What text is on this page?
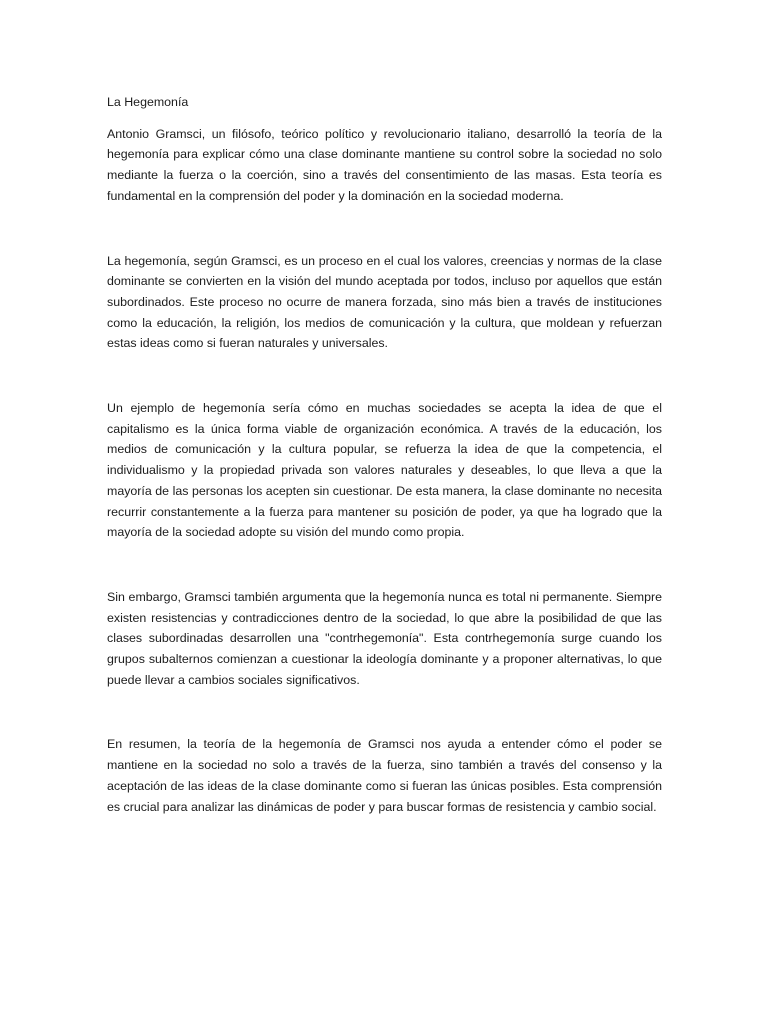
La Hegemonía

Antonio Gramsci, un filósofo, teórico político y revolucionario italiano, desarrolló la teoría de la hegemonía para explicar cómo una clase dominante mantiene su control sobre la sociedad no solo mediante la fuerza o la coerción, sino a través del consentimiento de las masas. Esta teoría es fundamental en la comprensión del poder y la dominación en la sociedad moderna.

La hegemonía, según Gramsci, es un proceso en el cual los valores, creencias y normas de la clase dominante se convierten en la visión del mundo aceptada por todos, incluso por aquellos que están subordinados. Este proceso no ocurre de manera forzada, sino más bien a través de instituciones como la educación, la religión, los medios de comunicación y la cultura, que moldean y refuerzan estas ideas como si fueran naturales y universales.

Un ejemplo de hegemonía sería cómo en muchas sociedades se acepta la idea de que el capitalismo es la única forma viable de organización económica. A través de la educación, los medios de comunicación y la cultura popular, se refuerza la idea de que la competencia, el individualismo y la propiedad privada son valores naturales y deseables, lo que lleva a que la mayoría de las personas los acepten sin cuestionar. De esta manera, la clase dominante no necesita recurrir constantemente a la fuerza para mantener su posición de poder, ya que ha logrado que la mayoría de la sociedad adopte su visión del mundo como propia.

Sin embargo, Gramsci también argumenta que la hegemonía nunca es total ni permanente. Siempre existen resistencias y contradicciones dentro de la sociedad, lo que abre la posibilidad de que las clases subordinadas desarrollen una "contrhegemonía". Esta contrhegemonía surge cuando los grupos subalternos comienzan a cuestionar la ideología dominante y a proponer alternativas, lo que puede llevar a cambios sociales significativos.

En resumen, la teoría de la hegemonía de Gramsci nos ayuda a entender cómo el poder se mantiene en la sociedad no solo a través de la fuerza, sino también a través del consenso y la aceptación de las ideas de la clase dominante como si fueran las únicas posibles. Esta comprensión es crucial para analizar las dinámicas de poder y para buscar formas de resistencia y cambio social.
